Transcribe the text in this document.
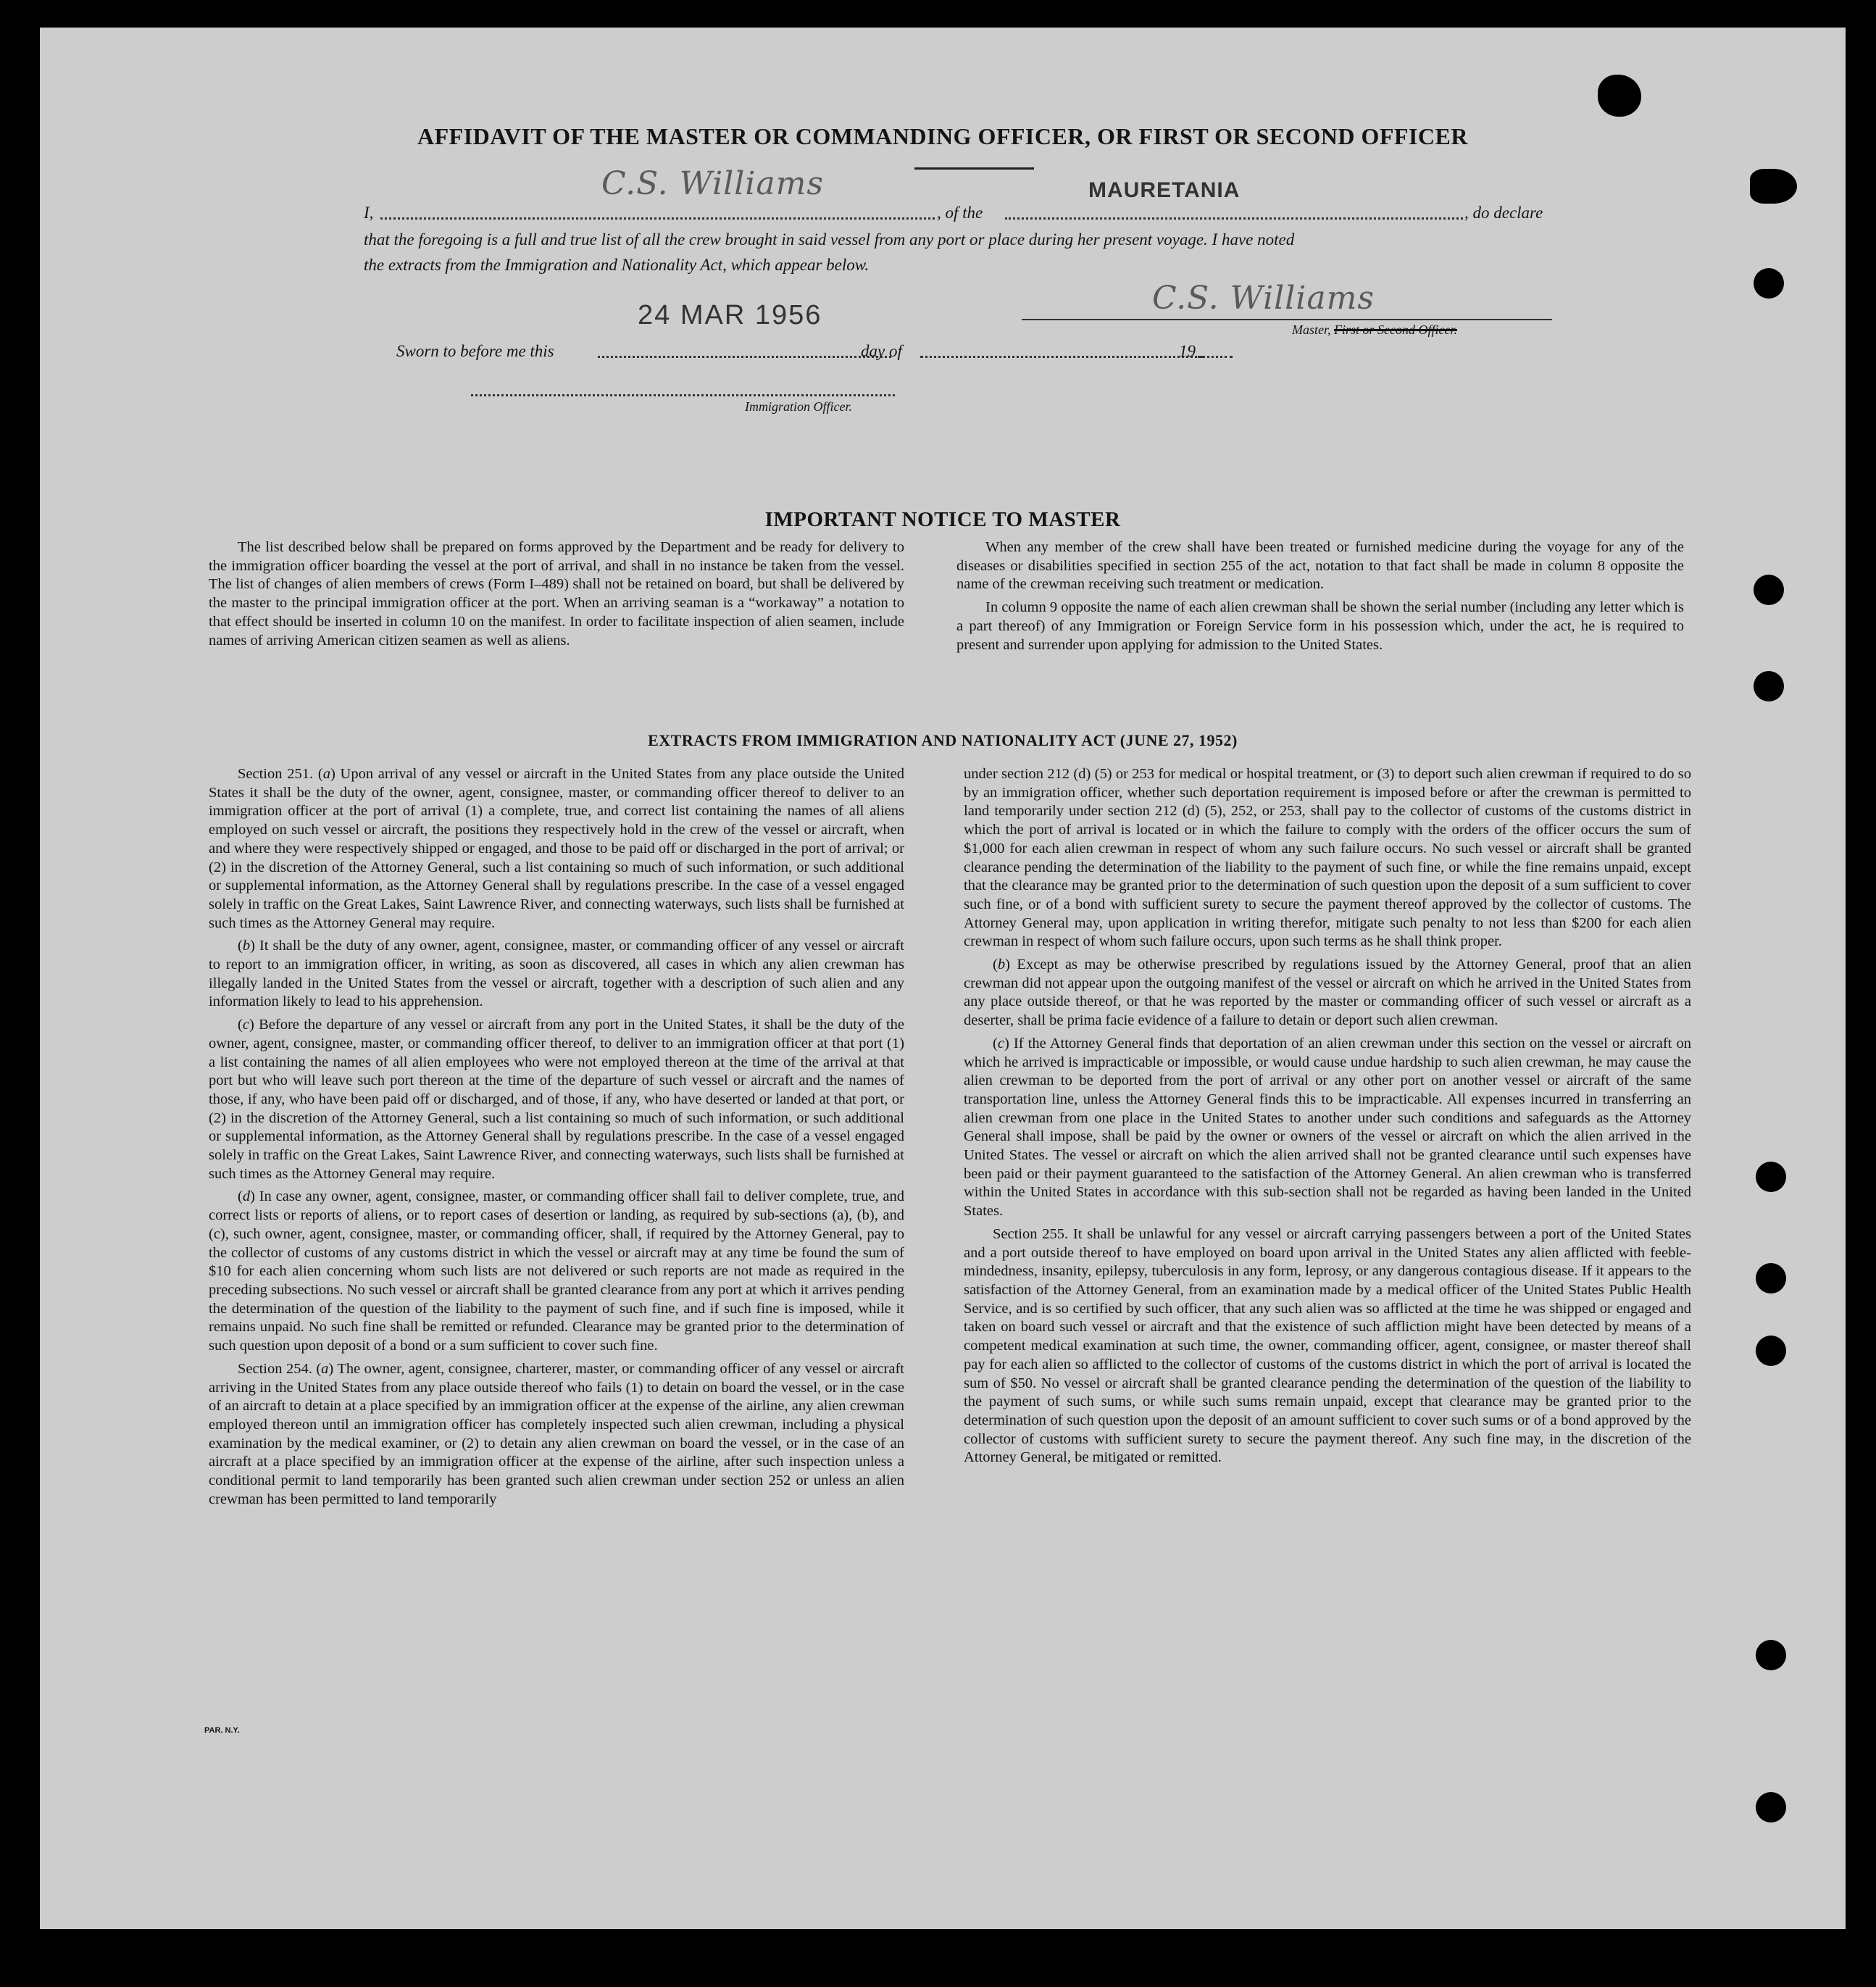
AFFIDAVIT OF THE MASTER OR COMMANDING OFFICER, OR FIRST OR SECOND OFFICER
C.S. Williams	MAURETANIA
I,	, of the	, do declare
that the foregoing is a full and true list of all the crew brought in said vessel from any port or place during her present voyage. I have noted
the extracts from the Immigration and Nationality Act, which appear below.
24 MAR 1956	C.S. Williams
Master, First or Second Officer.
Sworn to before me this	day of	19
Immigration Officer.
IMPORTANT NOTICE TO MASTER

The list described below shall be prepared on forms approved by the Department and be ready for delivery to the immigration officer boarding the vessel at the port of arrival, and shall in no instance be taken from the vessel. The list of changes of alien members of crews (Form I–489) shall not be retained on board, but shall be delivered by the master to the principal immigration officer at the port. When an arriving seaman is a “workaway” a notation to that effect should be inserted in column 10 on the manifest. In order to facilitate inspection of alien seamen, include names of arriving American citizen seamen as well as aliens.

When any member of the crew shall have been treated or furnished medicine during the voyage for any of the diseases or disabilities specified in section 255 of the act, notation to that fact shall be made in column 8 opposite the name of the crewman receiving such treatment or medication.

In column 9 opposite the name of each alien crewman shall be shown the serial number (including any letter which is a part thereof) of any Immigration or Foreign Service form in his possession which, under the act, he is required to present and surrender upon applying for admission to the United States.

EXTRACTS FROM IMMIGRATION AND NATIONALITY ACT (JUNE 27, 1952)

Section 251. (a) Upon arrival of any vessel or aircraft in the United States from any place outside the United States it shall be the duty of the owner, agent, consignee, master, or commanding officer thereof to deliver to an immigration officer at the port of arrival (1) a complete, true, and correct list containing the names of all aliens employed on such vessel or aircraft, the positions they respectively hold in the crew of the vessel or aircraft, when and where they were respectively shipped or engaged, and those to be paid off or discharged in the port of arrival; or (2) in the discretion of the Attorney General, such a list containing so much of such information, or such additional or supplemental information, as the Attorney General shall by regulations prescribe. In the case of a vessel engaged solely in traffic on the Great Lakes, Saint Lawrence River, and connecting waterways, such lists shall be furnished at such times as the Attorney General may require.

(b) It shall be the duty of any owner, agent, consignee, master, or commanding officer of any vessel or aircraft to report to an immigration officer, in writing, as soon as discovered, all cases in which any alien crewman has illegally landed in the United States from the vessel or aircraft, together with a description of such alien and any information likely to lead to his apprehension.

(c) Before the departure of any vessel or aircraft from any port in the United States, it shall be the duty of the owner, agent, consignee, master, or commanding officer thereof, to deliver to an immigration officer at that port (1) a list containing the names of all alien employees who were not employed thereon at the time of the arrival at that port but who will leave such port thereon at the time of the departure of such vessel or aircraft and the names of those, if any, who have been paid off or discharged, and of those, if any, who have deserted or landed at that port, or (2) in the discretion of the Attorney General, such a list containing so much of such information, or such additional or supplemental information, as the Attorney General shall by regulations prescribe. In the case of a vessel engaged solely in traffic on the Great Lakes, Saint Lawrence River, and connecting waterways, such lists shall be furnished at such times as the Attorney General may require.

(d) In case any owner, agent, consignee, master, or commanding officer shall fail to deliver complete, true, and correct lists or reports of aliens, or to report cases of desertion or landing, as required by sub-sections (a), (b), and (c), such owner, agent, consignee, master, or commanding officer, shall, if required by the Attorney General, pay to the collector of customs of any customs district in which the vessel or aircraft may at any time be found the sum of $10 for each alien concerning whom such lists are not delivered or such reports are not made as required in the preceding subsections. No such vessel or aircraft shall be granted clearance from any port at which it arrives pending the determination of the question of the liability to the payment of such fine, and if such fine is imposed, while it remains unpaid. No such fine shall be remitted or refunded. Clearance may be granted prior to the determination of such question upon deposit of a bond or a sum sufficient to cover such fine.

Section 254. (a) The owner, agent, consignee, charterer, master, or commanding officer of any vessel or aircraft arriving in the United States from any place outside thereof who fails (1) to detain on board the vessel, or in the case of an aircraft to detain at a place specified by an immigration officer at the expense of the airline, any alien crewman employed thereon until an immigration officer has completely inspected such alien crewman, including a physical examination by the medical examiner, or (2) to detain any alien crewman on board the vessel, or in the case of an aircraft at a place specified by an immigration officer at the expense of the airline, after such inspection unless a conditional permit to land temporarily has been granted such alien crewman under section 252 or unless an alien crewman has been permitted to land temporarily

under section 212 (d) (5) or 253 for medical or hospital treatment, or (3) to deport such alien crewman if required to do so by an immigration officer, whether such deportation requirement is imposed before or after the crewman is permitted to land temporarily under section 212 (d) (5), 252, or 253, shall pay to the collector of customs of the customs district in which the port of arrival is located or in which the failure to comply with the orders of the officer occurs the sum of $1,000 for each alien crewman in respect of whom any such failure occurs. No such vessel or aircraft shall be granted clearance pending the determination of the liability to the payment of such fine, or while the fine remains unpaid, except that the clearance may be granted prior to the determination of such question upon the deposit of a sum sufficient to cover such fine, or of a bond with sufficient surety to secure the payment thereof approved by the collector of customs. The Attorney General may, upon application in writing therefor, mitigate such penalty to not less than $200 for each alien crewman in respect of whom such failure occurs, upon such terms as he shall think proper.

(b) Except as may be otherwise prescribed by regulations issued by the Attorney General, proof that an alien crewman did not appear upon the outgoing manifest of the vessel or aircraft on which he arrived in the United States from any place outside thereof, or that he was reported by the master or commanding officer of such vessel or aircraft as a deserter, shall be prima facie evidence of a failure to detain or deport such alien crewman.

(c) If the Attorney General finds that deportation of an alien crewman under this section on the vessel or aircraft on which he arrived is impracticable or impossible, or would cause undue hardship to such alien crewman, he may cause the alien crewman to be deported from the port of arrival or any other port on another vessel or aircraft of the same transportation line, unless the Attorney General finds this to be impracticable. All expenses incurred in transferring an alien crewman from one place in the United States to another under such conditions and safeguards as the Attorney General shall impose, shall be paid by the owner or owners of the vessel or aircraft on which the alien arrived in the United States. The vessel or aircraft on which the alien arrived shall not be granted clearance until such expenses have been paid or their payment guaranteed to the satisfaction of the Attorney General. An alien crewman who is transferred within the United States in accordance with this sub-section shall not be regarded as having been landed in the United States.

Section 255. It shall be unlawful for any vessel or aircraft carrying passengers between a port of the United States and a port outside thereof to have employed on board upon arrival in the United States any alien afflicted with feeble-mindedness, insanity, epilepsy, tuberculosis in any form, leprosy, or any dangerous contagious disease. If it appears to the satisfaction of the Attorney General, from an examination made by a medical officer of the United States Public Health Service, and is so certified by such officer, that any such alien was so afflicted at the time he was shipped or engaged and taken on board such vessel or aircraft and that the existence of such affliction might have been detected by means of a competent medical examination at such time, the owner, commanding officer, agent, consignee, or master thereof shall pay for each alien so afflicted to the collector of customs of the customs district in which the port of arrival is located the sum of $50. No vessel or aircraft shall be granted clearance pending the determination of the question of the liability to the payment of such sums, or while such sums remain unpaid, except that clearance may be granted prior to the determination of such question upon the deposit of an amount sufficient to cover such sums or of a bond approved by the collector of customs with sufficient surety to secure the payment thereof. Any such fine may, in the discretion of the Attorney General, be mitigated or remitted.

PAR. N.Y.
